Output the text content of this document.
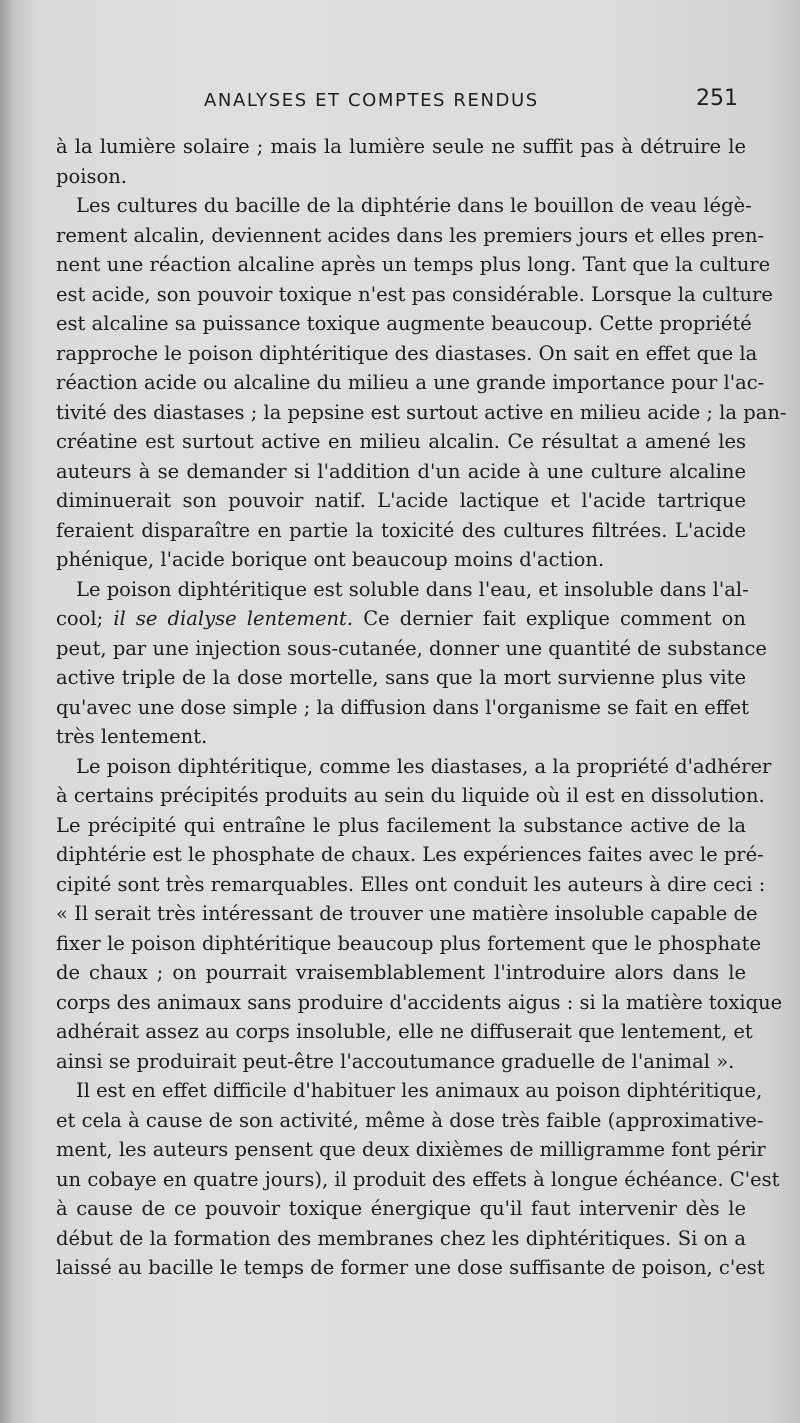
ANALYSES ET COMPTES RENDUS	251
à la lumière solaire ; mais la lumière seule ne suffit pas à détruire le
poison.
Les cultures du bacille de la diphtérie dans le bouillon de veau légè-
rement alcalin, deviennent acides dans les premiers jours et elles pren-
nent une réaction alcaline après un temps plus long. Tant que la culture
est acide, son pouvoir toxique n'est pas considérable. Lorsque la culture
est alcaline sa puissance toxique augmente beaucoup. Cette propriété
rapproche le poison diphtéritique des diastases. On sait en effet que la
réaction acide ou alcaline du milieu a une grande importance pour l'ac-
tivité des diastases ; la pepsine est surtout active en milieu acide ; la pan-
créatine est surtout active en milieu alcalin. Ce résultat a amené les
auteurs à se demander si l'addition d'un acide à une culture alcaline
diminuerait son pouvoir natif. L'acide lactique et l'acide tartrique
feraient disparaître en partie la toxicité des cultures filtrées. L'acide
phénique, l'acide borique ont beaucoup moins d'action.
Le poison diphtéritique est soluble dans l'eau, et insoluble dans l'al-
cool; il se dialyse lentement. Ce dernier fait explique comment on
peut, par une injection sous-cutanée, donner une quantité de substance
active triple de la dose mortelle, sans que la mort survienne plus vite
qu'avec une dose simple ; la diffusion dans l'organisme se fait en effet
très lentement.
Le poison diphtéritique, comme les diastases, a la propriété d'adhérer
à certains précipités produits au sein du liquide où il est en dissolution.
Le précipité qui entraîne le plus facilement la substance active de la
diphtérie est le phosphate de chaux. Les expériences faites avec le pré-
cipité sont très remarquables. Elles ont conduit les auteurs à dire ceci :
« Il serait très intéressant de trouver une matière insoluble capable de
fixer le poison diphtéritique beaucoup plus fortement que le phosphate
de chaux ; on pourrait vraisemblablement l'introduire alors dans le
corps des animaux sans produire d'accidents aigus : si la matière toxique
adhérait assez au corps insoluble, elle ne diffuserait que lentement, et
ainsi se produirait peut-être l'accoutumance graduelle de l'animal ».
Il est en effet difficile d'habituer les animaux au poison diphtéritique,
et cela à cause de son activité, même à dose très faible (approximative-
ment, les auteurs pensent que deux dixièmes de milligramme font périr
un cobaye en quatre jours), il produit des effets à longue échéance. C'est
à cause de ce pouvoir toxique énergique qu'il faut intervenir dès le
début de la formation des membranes chez les diphtéritiques. Si on a
laissé au bacille le temps de former une dose suffisante de poison, c'est
